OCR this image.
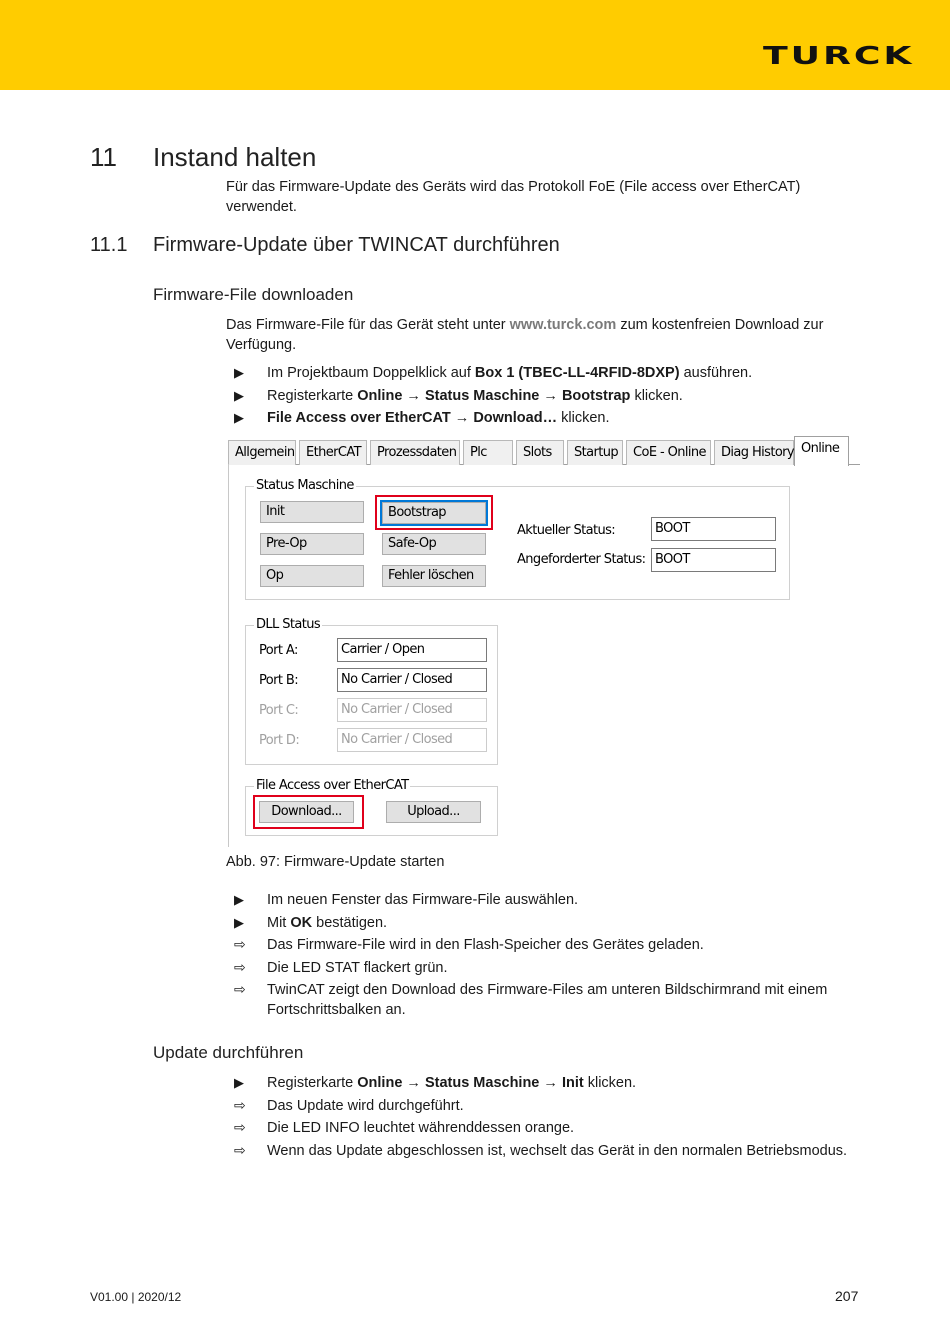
TURCK
11 Instand halten
Für das Firmware-Update des Geräts wird das Protokoll FoE (File access over EtherCAT) verwendet.
11.1 Firmware-Update über TWINCAT durchführen
Firmware-File downloaden
Das Firmware-File für das Gerät steht unter www.turck.com zum kostenfreien Download zur Verfügung.
▶	Im Projektbaum Doppelklick auf Box 1 (TBEC-LL-4RFID-8DXP) ausführen.
▶	Registerkarte Online → Status Maschine → Bootstrap klicken.
▶	File Access over EtherCAT → Download… klicken.
Allgemein EtherCAT	Prozessdaten	Plc	Slots	Startup	CoE - Online	Diag History Online
Status Maschine
Init	Bootstrap
Pre-Op	Safe-Op
Op	Fehler löschen
Aktueller Status:	BOOT
Angeforderter Status: BOOT
DLL Status
Port A:	Carrier / Open
Port B:	No Carrier / Closed
Port C:	No Carrier / Closed
Port D:	No Carrier / Closed
File Access over EtherCAT
Download...	Upload...
Abb. 97: Firmware-Update starten
▶	Im neuen Fenster das Firmware-File auswählen.
▶	Mit OK bestätigen.
⇨	Das Firmware-File wird in den Flash-Speicher des Gerätes geladen.
⇨	Die LED STAT flackert grün.
⇨	TwinCAT zeigt den Download des Firmware-Files am unteren Bildschirmrand mit einem Fortschrittsbalken an.
Update durchführen
▶	Registerkarte Online → Status Maschine → Init klicken.
⇨	Das Update wird durchgeführt.
⇨	Die LED INFO leuchtet währenddessen orange.
⇨	Wenn das Update abgeschlossen ist, wechselt das Gerät in den normalen Betriebsmodus.
V01.00 | 2020/12	207
